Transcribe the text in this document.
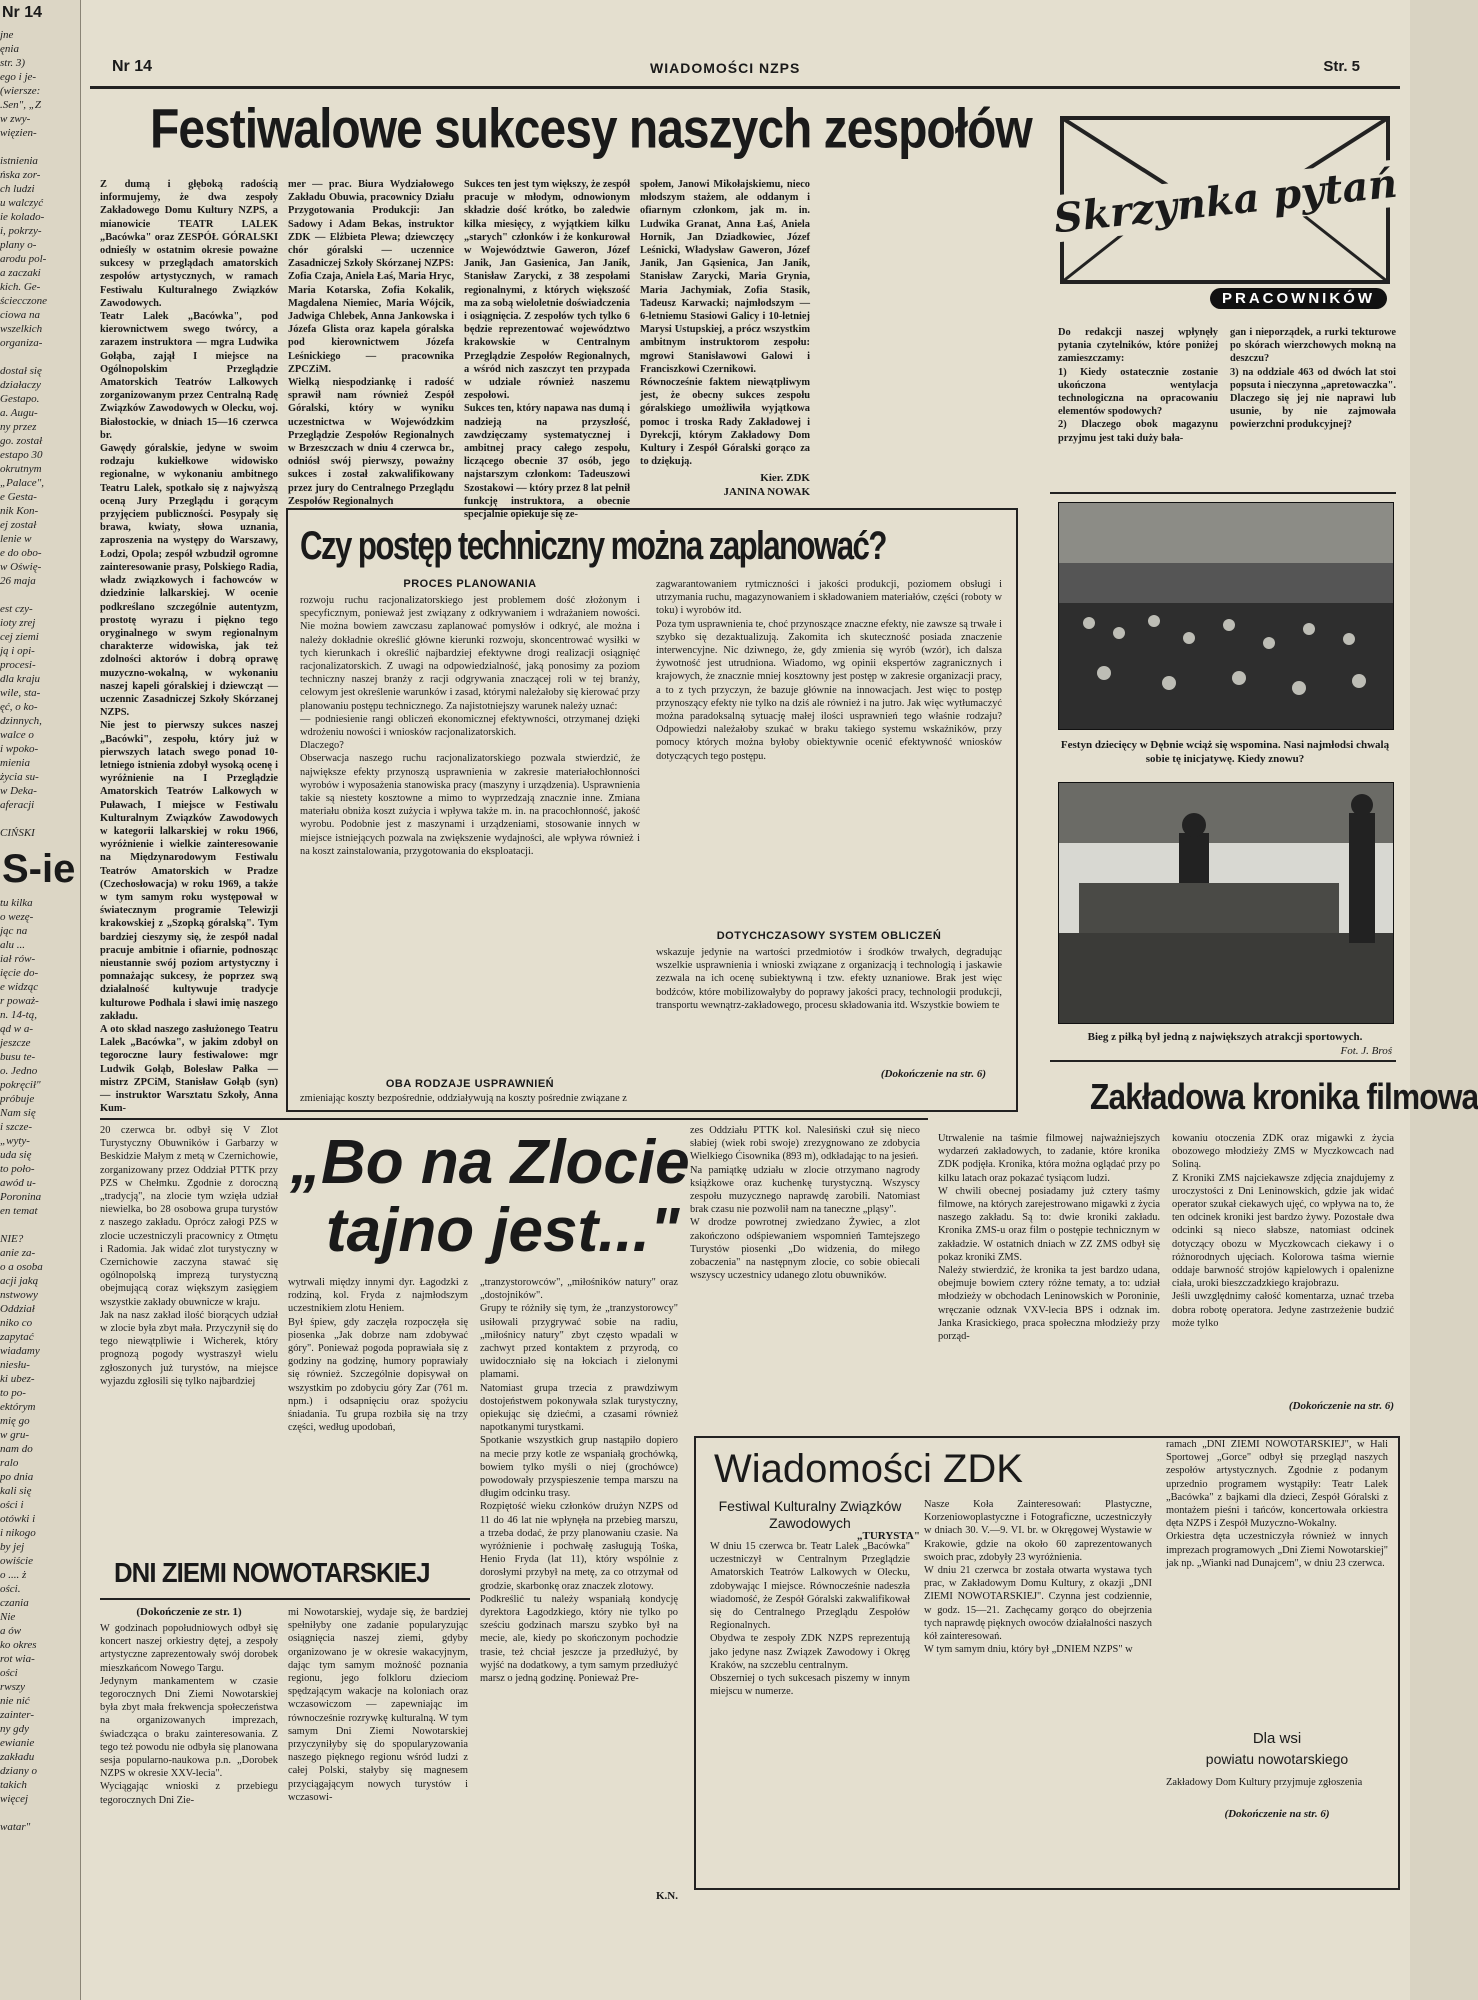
Nr 14
jne
ęnia
str. 3)
ego i je-
(wiersze:
.Sen", „Z
w zwy-
więzien-

istnienia
ńska zor-
ch ludzi
u walczyć
ie kolado-
i, pokrzy-
plany o-
arodu pol-
a zaczaki
kich. Ge-
ściecczone
ciowa na
wszelkich
organiza-

dostał się
działaczy
Gestapo.
a. Augu-
ny przez
go. został
estapo 30
okrutnym
„Palace",
e Gesta-
nik Kon-
ej został
lenie w
e do obo-
w Oświę-
26 maja

est czy-
ioty zrej
cej ziemi
ją i opi-
procesi-
dla kraju
wile, sta-
ęć, o ko-
dzinnych,
walce o
i wpoko-
mienia
życia su-
w Deka-
aferacji

CIŃSKI
S-ie
tu kilka
o wezę-
jąc na
alu ...
iał rów-
ięcie do-
e widząc
r poważ-
n. 14-tą,
ąd w a-
jeszcze
busu te-
o. Jedno
pokręcił"
próbuje
Nam się
i szcze-
„wyty-
uda się
to poło-
awód u-
Poronina
en temat

NIE?
anie za-
o a osoba
acji jaką
nstwowy
Oddział
niko co
zapytać
wiadamy
niesłu-
ki ubez-
to po-
ektórym
mię go
w gru-
nam do
ralo
po dnia
kali się
ości i
otówki i
i nikogo
by jej
owiście
o .... ż
ości.
czania
Nie
a ów
ko okres
rot wia-
ości
rwszy
nie nić
zainter-
ny gdy
ewianie
zakładu
dziany o
takich
więcej

watar"
Nr 14	WIADOMOŚCI NZPS	Str. 5
Festiwalowe sukcesy naszych zespołów
Z dumą i głęboką radością informujemy, że dwa zespoły Zakładowego Domu Kultury NZPS, a mianowicie TEATR LALEK „Bacówka" oraz ZESPÓŁ GÓRALSKI odnieśly w ostatnim okresie poważne sukcesy w przeglądach amatorskich zespołów artystycznych, w ramach Festiwalu Kulturalnego Związków Zawodowych.
Teatr Lalek „Bacówka", pod kierownictwem swego twórcy, a zarazem instruktora — mgra Ludwika Gołąba, zajął I miejsce na Ogólnopolskim Przeglądzie Amatorskich Teatrów Lalkowych zorganizowanym przez Centralną Radę Związków Zawodowych w Olecku, woj. Białostockie, w dniach 15—16 czerwca br.
Gawędy góralskie, jedyne w swoim rodzaju kukiełkowe widowisko regionalne, w wykonaniu ambitnego Teatru Lalek, spotkało się z najwyższą oceną Jury Przeglądu i gorącym przyjęciem publiczności. Posypały się brawa, kwiaty, słowa uznania, zaproszenia na występy do Warszawy, Łodzi, Opola; zespół wzbudził ogromne zainteresowanie prasy, Polskiego Radia, władz związkowych i fachowców w dziedzinie lalkarskiej. W ocenie podkreślano szczególnie autentyzm, prostotę wyrazu i piękno tego oryginalnego w swym regionalnym charakterze widowiska, jak też zdolności aktorów i dobrą oprawę muzyczno-wokalną, w wykonaniu naszej kapeli góralskiej i dziewcząt — uczennic Zasadniczej Szkoły Skórzanej NZPS.
Nie jest to pierwszy sukces naszej „Bacówki", zespołu, który już w pierwszych latach swego ponad 10-letniego istnienia zdobył wysoką ocenę i wyróżnienie na I Przeglądzie Amatorskich Teatrów Lalkowych w Puławach, I miejsce w Festiwalu Kulturalnym Związków Zawodowych w kategorii lalkarskiej w roku 1966, wyróżnienie i wielkie zainteresowanie na Międzynarodowym Festiwalu Teatrów Amatorskich w Pradze (Czechosłowacja) w roku 1969, a także w tym samym roku występował w światecznym programie Telewizji krakowskiej z „Szopką góralską". Tym bardziej cieszymy się, że zespół nadal pracuje ambitnie i ofiarnie, podnosząc nieustannie swój poziom artystyczny i pomnażając sukcesy, że poprzez swą działalność kultywuje tradycje kulturowe Podhala i sławi imię naszego zakładu.
A oto skład naszego zasłużonego Teatru Lalek „Bacówka", w jakim zdobył on tegoroczne laury festiwalowe: mgr Ludwik Gołąb, Bolesław Pałka — mistrz ZPCiM, Stanisław Gołąb (syn) — instruktor Warsztatu Szkoły, Anna Kum-
mer — prac. Biura Wydziałowego Zakładu Obuwia, pracownicy Działu Przygotowania Produkcji: Jan Sadowy i Adam Bekas, instruktor ZDK — Elżbieta Plewa; dziewczęcy chór góralski — uczennice Zasadniczej Szkoły Skórzanej NZPS: Zofia Czaja, Aniela Łaś, Maria Hryc, Maria Kotarska, Zofia Kokalik, Magdalena Niemiec, Maria Wójcik, Jadwiga Chlebek, Anna Jankowska i Józefa Glista oraz kapela góralska pod kierownictwem Józefa Leśnickiego — pracownika ZPCZiM.
Wielką niespodziankę i radość sprawił nam również Zespół Góralski, który w wyniku uczestnictwa w Wojewódzkim Przeglądzie Zespołów Regionalnych w Brzeszczach w dniu 4 czerwca br., odniósł swój pierwszy, poważny sukces i został zakwalifikowany przez jury do Centralnego Przeglądu Zespołów Regionalnych
Sukces ten jest tym większy, że zespół pracuje w młodym, odnowionym składzie dość krótko, bo zaledwie kilka miesięcy, z wyjątkiem kilku „starych" członków i że konkurował w Województwie Gaweron, Józef Janik, Jan Gasienica, Jan Janik, Stanisław Zarycki, z 38 zespołami regionalnymi, z których większość ma za sobą wieloletnie doświadczenia i osiągnięcia. Z zespołów tych tylko 6 będzie reprezentować województwo krakowskie w Centralnym Przeglądzie Zespołów Regionalnych, a wśród nich zaszczyt ten przypada w udziale również naszemu zespołowi.
Sukces ten, który napawa nas dumą i nadzieją na przyszłość, zawdzięczamy systematycznej i ambitnej pracy całego zespołu, liczącego obecnie 37 osób, jego najstarszym członkom: Tadeuszowi Szostakowi — który przez 8 lat pełnił funkcję instruktora, a obecnie specjalnie opiekuje się ze-
społem, Janowi Mikołajskiemu, nieco młodszym stażem, ale oddanym i ofiarnym członkom, jak m. in. Ludwika Granat, Anna Łaś, Aniela Hornik, Jan Dziadkowiec, Józef Leśnicki, Władysław Gaweron, Józef Janik, Jan Gąsienica, Jan Janik, Stanisław Zarycki, Maria Grynia, Maria Jachymiak, Zofia Stasik, Tadeusz Karwacki; najmłodszym — 6-letniemu Stasiowi Galicy i 10-letniej Marysi Ustupskiej, a prócz wszystkim ambitnym instruktorom zespołu: mgrowi Stanisławowi Galowi i Franciszkowi Czernikowi.
Równocześnie faktem niewątpliwym jest, że obecny sukces zespołu góralskiego umożliwiła wyjątkowa pomoc i troska Rady Zakładowej i Dyrekcji, którym Zakładowy Dom Kultury i Zespół Góralski gorąco za to dziękują.
Kier. ZDK
JANINA NOWAK
Czy postęp techniczny można zaplanować?
PROCES PLANOWANIA
rozwoju ruchu racjonalizatorskiego jest problemem dość złożonym i specyficznym, ponieważ jest związany z odkrywaniem i wdrażaniem nowości. Nie można bowiem zawczasu zaplanować pomysłów i odkryć, ale można i należy dokładnie określić główne kierunki rozwoju, skoncentrować wysiłki w tych kierunkach i określić najbardziej efektywne drogi realizacji osiągnięć racjonalizatorskich. Z uwagi na odpowiedzialność, jaką ponosimy za poziom techniczny naszej branży z racji odgrywania znaczącej roli w tej branży, celowym jest określenie warunków i zasad, którymi należałoby się kierować przy planowaniu postępu technicznego. Za najistotniejszy warunek należy uznać:
— podniesienie rangi obliczeń ekonomicznej efektywności, otrzymanej dzięki wdrożeniu nowości i wniosków racjonalizatorskich.
Dlaczego?
Obserwacja naszego ruchu racjonalizatorskiego pozwala stwierdzić, że największe efekty przynoszą usprawnienia w zakresie materiałochłonności wyrobów i wyposażenia stanowiska pracy (maszyny i urządzenia). Usprawnienia takie są niestety kosztowne a mimo to wyprzedzają znacznie inne. Zmiana materiału obniża koszt zużycia i wpływa także m. in. na pracochłonność, jakość wyrobu. Podobnie jest z maszynami i urządzeniami, stosowanie innych w miejsce istniejących pozwala na zwiększenie wydajności, ale wpływa również i na koszt zainstalowania, przygotowania do eksploatacji.
OBA RODZAJE USPRAWNIEŃ
zmieniając koszty bezpośrednie, oddziaływują na koszty pośrednie związane z
zagwarantowaniem rytmiczności i jakości produkcji, poziomem obsługi i utrzymania ruchu, magazynowaniem i składowaniem materiałów, części (roboty w toku) i wyrobów itd.
Poza tym usprawnienia te, choć przynoszące znaczne efekty, nie zawsze są trwałe i szybko się dezaktualizują. Zakomita ich skuteczność posiada znaczenie interwencyjne. Nic dziwnego, że, gdy zmienia się wyrób (wzór), ich dalsza żywotność jest utrudniona. Wiadomo, wg opinii ekspertów zagranicznych i krajowych, że znacznie mniej kosztowny jest postęp w zakresie organizacji pracy, a to z tych przyczyn, że bazuje głównie na innowacjach. Jest więc to postęp przynoszący efekty nie tylko na dziś ale również i na jutro. Jak więc wytłumaczyć można paradoksalną sytuację małej ilości usprawnień tego właśnie rodzaju? Odpowiedzi należałoby szukać w braku takiego systemu wskaźników, przy pomocy których można byłoby obiektywnie ocenić efektywność wniosków dotyczących tego postępu.
DOTYCHCZASOWY SYSTEM OBLICZEŃ
wskazuje jedynie na wartości przedmiotów i środków trwałych, degradując wszelkie usprawnienia i wnioski związane z organizacją i technologią i jaskawie zezwala na ich ocenę subiektywną i tzw. efekty uznaniowe. Brak jest więc bodźców, które mobilizowałyby do poprawy jakości pracy, technologii produkcji, transportu wewnątrz-zakładowego, procesu składowania itd. Wszystkie bowiem te
(Dokończenie na str. 6)
Skrzynka pytań
PRACOWNIKÓW
Do redakcji naszej wpłynęły pytania czytelników, które poniżej zamieszczamy:
1) Kiedy ostatecznie zostanie ukończona wentylacja technologiczna na opracowaniu elementów spodowych?
2) Dlaczego obok magazynu przyjmu jest taki duży bała-
gan i nieporządek, a rurki tekturowe po skórach wierzchowych mokną na deszczu?
3) na oddziale 463 od dwóch lat stoi popsuta i nieczynna „apretowaczka". Dlaczego się jej nie naprawi lub usunie, by nie zajmowała powierzchni produkcyjnej?
Festyn dziecięcy w Dębnie wciąż się wspomina. Nasi najmłodsi chwalą sobie tę inicjatywę. Kiedy znowu?
Bieg z piłką był jedną z największych atrakcji sportowych.
Fot. J. Broś
Zakładowa kronika filmowa
Utrwalenie na taśmie filmowej najważniejszych wydarzeń zakładowych, to zadanie, które kronika ZDK podjęła. Kronika, która można oglądać przy po kilku latach oraz pokazać tysiącom ludzi.
W chwili obecnej posiadamy już cztery taśmy filmowe, na których zarejestrowano migawki z życia naszego zakładu. Są to: dwie kroniki zakładu. Kronika ZMS-u oraz film o postępie technicznym w zakładzie. W ostatnich dniach w ZZ ZMS odbył się pokaz kroniki ZMS.
Należy stwierdzić, że kronika ta jest bardzo udana, obejmuje bowiem cztery różne tematy, a to: udział młodzieży w obchodach Leninowskich w Poroninie, wręczanie odznak VXV-lecia BPS i odznak im. Janka Krasickiego, praca społeczna młodzieży przy porząd-
kowaniu otoczenia ZDK oraz migawki z życia obozowego młodzieży ZMS w Myczkowcach nad Soliną.
Z Kroniki ZMS najciekawsze zdjęcia znajdujemy z uroczystości z Dni Leninowskich, gdzie jak widać operator szukał ciekawych ujęć, co wpływa na to, że ten odcinek kroniki jest bardzo żywy. Pozostałe dwa odcinki są nieco słabsze, natomiast odcinek dotyczący obozu w Myczkowcach ciekawy i o różnorodnych ujęciach. Kolorowa taśma wiernie oddaje barwność strojów kąpielowych i opalenizne ciała, uroki bieszczadzkiego krajobrazu.
Jeśli uwzględnimy całość komentarza, uznać trzeba dobra robotę operatora. Jedyne zastrzeżenie budzić może tylko
(Dokończenie na str. 6)
„Bo na Zlocie
tajno jest..."
20 czerwca br. odbył się V Zlot Turystyczny Obuwników i Garbarzy w Beskidzie Małym z metą w Czernichowie, zorganizowany przez Oddział PTTK przy PZS w Chełmku. Zgodnie z doroczną „tradycją", na zlocie tym wzięła udział niewielka, bo 28 osobowa grupa turystów z naszego zakładu. Oprócz załogi PZS w zlocie uczestniczyli pracownicy z Otmętu i Radomia. Jak widać zlot turystyczny w Czernichowie zaczyna stawać się ogólnopolską imprezą turystyczną obejmującą coraz większym zasięgiem wszystkie zakłady obuwnicze w kraju.
Jak na nasz zakład ilość biorących udział w zlocie była zbyt mała. Przyczynił się do tego niewątpliwie i Wicherek, który prognozą pogody wystraszył wielu zgłoszonych już turystów, na miejsce wyjazdu zgłosili się tylko najbardziej
wytrwali między innymi dyr. Łagodzki z rodziną, kol. Fryda z najmłodszym uczestnikiem zlotu Heniem.
Był śpiew, gdy zaczęła rozpoczęła się piosenka „Jak dobrze nam zdobywać góry". Ponieważ pogoda poprawiała się z godziny na godzinę, humory poprawiały się również. Szczególnie dopisywał on wszystkim po zdobyciu góry Zar (761 m. npm.) i odsapnięciu oraz spożyciu śniadania. Tu grupa rozbiła się na trzy części, według upodobań,
„tranzystorowców", „miłośników natury" oraz „dostojników".
Grupy te różniły się tym, że „tranzystorowcy" usiłowali przygrywać sobie na radiu, „miłośnicy natury" zbyt często wpadali w zachwyt przed kontaktem z przyrodą, co uwidoczniało się na łokciach i zielonymi plamami.
Natomiast grupa trzecia z prawdziwym dostojeństwem pokonywała szlak turystyczny, opiekując się dziećmi, a czasami również napotkanymi turystkami.
Spotkanie wszystkich grup nastąpiło dopiero na mecie przy kotle ze wspaniałą grochówką, bowiem tylko myśli o niej (grochówce) powodowały przyspieszenie tempa marszu na długim odcinku trasy.
Rozpiętość wieku członków drużyn NZPS od 11 do 46 lat nie wpłynęła na przebieg marszu, a trzeba dodać, że przy planowaniu czasie. Na wyróżnienie i pochwałę zasługują Tośka, Henio Fryda (lat 11), który wspólnie z dorosłymi przybył na metę, za co otrzymał od grodzie, skarbonkę oraz znaczek zlotowy.
Podkreślić tu należy wspaniałą kondycję dyrektora Łagodzkiego, który nie tylko po sześciu godzinach marszu szybko był na mecie, ale, kiedy po skończonym pochodzie trasie, też chciał jeszcze ja przedłużyć, by wyjść na dodatkowy, a tym samym przedłużyć marsz o jedną godzinę. Ponieważ Pre-
zes Oddziału PTTK kol. Nalesiński czuł się nieco słabiej (wiek robi swoje) zrezygnowano ze zdobycia Wielkiego Ćisownika (893 m), odkładając to na jesień.
Na pamiątkę udziału w zlocie otrzymano nagrody książkowe oraz kuchenkę turystyczną. Wszyscy zespołu muzycznego naprawdę zarobili. Natomiast brak czasu nie pozwolił nam na taneczne „pląsy".
W drodze powrotnej zwiedzano Żywiec, a zlot zakończono odśpiewaniem wspomnień Tamtejszego Turystów piosenki „Do widzenia, do miłego zobaczenia" na następnym zlocie, co sobie obiecali wszyscy uczestnicy udanego zlotu obuwników.
„TURYSTA"
DNI ZIEMI NOWOTARSKIEJ
(Dokończenie ze str. 1)
W godzinach popołudniowych odbył się koncert naszej orkiestry dętej, a zespoły artystyczne zaprezentowały swój dorobek mieszkańcom Nowego Targu.
Jedynym mankamentem w czasie tegorocznych Dni Ziemi Nowotarskiej była zbyt mała frekwencja społeczeństwa na organizowanych imprezach, świadcząca o braku zainteresowania. Z tego też powodu nie odbyła się planowana sesja popularno-naukowa p.n. „Dorobek NZPS w okresie XXV-lecia".
Wyciągając wnioski z przebiegu tegorocznych Dni Zie-
mi Nowotarskiej, wydaje się, że bardziej spełniłyby one zadanie popularyzując osiągnięcia naszej ziemi, gdyby organizowano je w okresie wakacyjnym, dając tym samym możność poznania regionu, jego folkloru dzieciom spędzającym wakacje na koloniach oraz wczasowiczom — zapewniając im równocześnie rozrywkę kulturalną. W tym samym Dni Ziemi Nowotarskiej przyczyniłyby się do spopularyzowania naszego pięknego regionu wśród ludzi z całej Polski, stałyby się magnesem przyciągającym nowych turystów i wczasowi-
K.N.
Wiadomości ZDK
Festiwal Kulturalny Związków Zawodowych
W dniu 15 czerwca br. Teatr Lalek „Bacówka" uczestniczył w Centralnym Przeglądzie Amatorskich Teatrów Lalkowych w Olecku, zdobywając I miejsce. Równocześnie nadeszła wiadomość, że Zespół Góralski zakwalifikował się do Centralnego Przeglądu Zespołów Regionalnych.
Obydwa te zespoły ZDK NZPS reprezentują jako jedyne nasz Związek Zawodowy i Okręg Kraków, na szczeblu centralnym.
Obszerniej o tych sukcesach piszemy w innym miejscu w numerze.
Nasze Koła Zainteresowań: Plastyczne, Korzeniowoplastyczne i Fotograficzne, uczestniczyły w dniach 30. V.—9. VI. br. w Okręgowej Wystawie w Krakowie, gdzie na około 60 zaprezentowanych swoich prac, zdobyły 23 wyróżnienia.
W dniu 21 czerwca br została otwarta wystawa tych prac, w Zakładowym Domu Kultury, z okazji „DNI ZIEMI NOWOTARSKIEJ". Czynna jest codziennie, w godz. 15—21. Zachęcamy gorąco do obejrzenia tych naprawdę pięknych owoców działalności naszych kół zainteresowań.
W tym samym dniu, który był „DNIEM NZPS" w
ramach „DNI ZIEMI NOWOTARSKIEJ", w Hali Sportowej „Gorce" odbył się przegląd naszych zespołów artystycznych. Zgodnie z podanym uprzednio programem wystąpiły: Teatr Lalek „Bacówka" z bajkami dla dzieci, Zespół Góralski z montażem pieśni i tańców, koncertowała orkiestra dęta NZPS i Zespół Muzyczno-Wokalny.
Orkiestra dęta uczestniczyła również w innych imprezach programowych „Dni Ziemi Nowotarskiej" jak np. „Wianki nad Dunajcem", w dniu 23 czerwca.
Dla wsi
powiatu nowotarskiego
Zakładowy Dom Kultury przyjmuje zgłoszenia
(Dokończenie na str. 6)
